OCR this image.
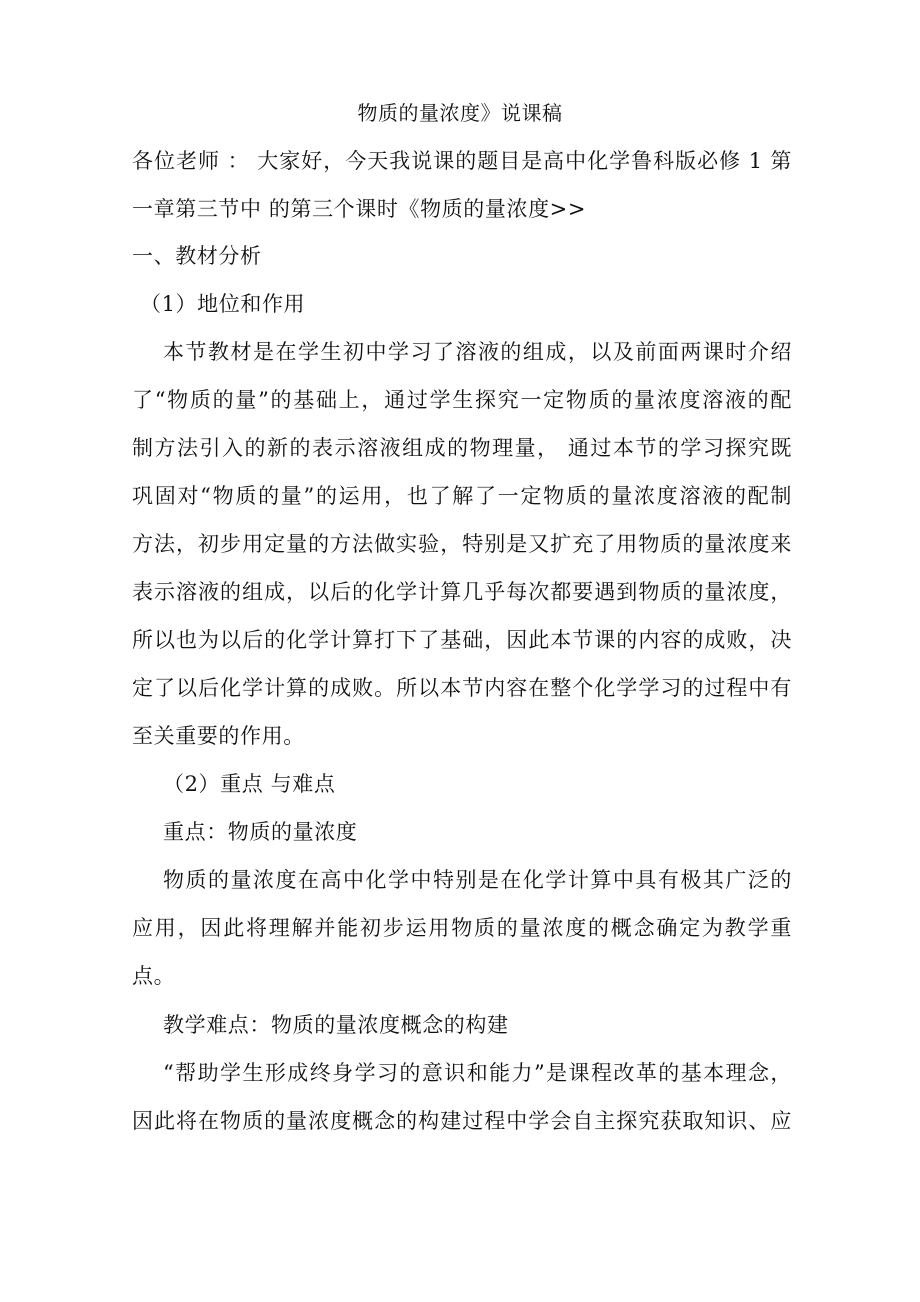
物质的量浓度》说课稿
各位老师 ： 大家好，今天我说课的题目是高中化学鲁科版必修 1 第
一章第三节中 的第三个课时《物质的量浓度>>
一、教材分析
（1）地位和作用
本节教材是在学生初中学习了溶液的组成，以及前面两课时介绍
了“物质的量”的基础上，通过学生探究一定物质的量浓度溶液的配
制方法引入的新的表示溶液组成的物理量， 通过本节的学习探究既
巩固对“物质的量”的运用，也了解了一定物质的量浓度溶液的配制
方法，初步用定量的方法做实验，特别是又扩充了用物质的量浓度来
表示溶液的组成，以后的化学计算几乎每次都要遇到物质的量浓度，
所以也为以后的化学计算打下了基础，因此本节课的内容的成败，决
定了以后化学计算的成败。所以本节内容在整个化学学习的过程中有
至关重要的作用。
（2）重点 与难点
重点：物质的量浓度
物质的量浓度在高中化学中特别是在化学计算中具有极其广泛的
应用，因此将理解并能初步运用物质的量浓度的概念确定为教学重
点。
教学难点：物质的量浓度概念的构建
“帮助学生形成终身学习的意识和能力”是课程改革的基本理念，
因此将在物质的量浓度概念的构建过程中学会自主探究获取知识、应
